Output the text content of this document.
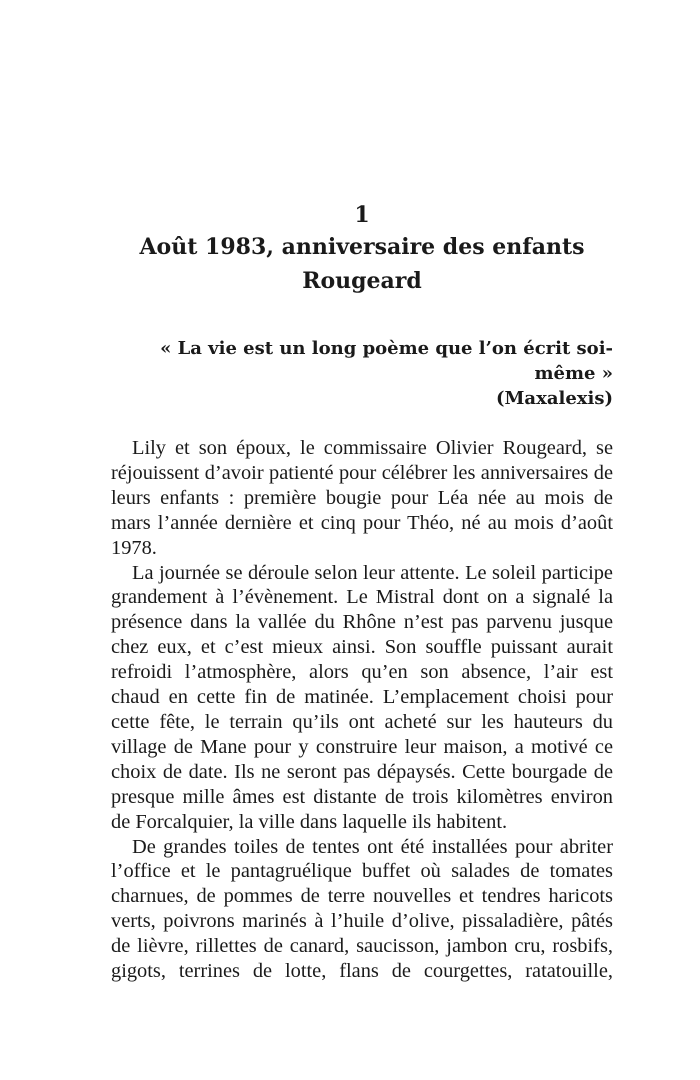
1
Août 1983, anniversaire des enfants Rougeard
« La vie est un long poème que l’on écrit soi-même »
(Maxalexis)

Lily et son époux, le commissaire Olivier Rougeard, se réjouissent d’avoir patienté pour célébrer les anniversaires de leurs enfants : première bougie pour Léa née au mois de mars l’année dernière et cinq pour Théo, né au mois d’août 1978.

La journée se déroule selon leur attente. Le soleil participe grandement à l’évènement. Le Mistral dont on a signalé la présence dans la vallée du Rhône n’est pas parvenu jusque chez eux, et c’est mieux ainsi. Son souffle puissant aurait refroidi l’atmosphère, alors qu’en son absence, l’air est chaud en cette fin de matinée. L’emplacement choisi pour cette fête, le terrain qu’ils ont acheté sur les hauteurs du village de Mane pour y construire leur maison, a motivé ce choix de date. Ils ne seront pas dépaysés. Cette bourgade de presque mille âmes est distante de trois kilomètres environ de Forcalquier, la ville dans laquelle ils habitent.

De grandes toiles de tentes ont été installées pour abriter l’office et le pantagruélique buffet où salades de tomates charnues, de pommes de terre nouvelles et tendres haricots verts, poivrons marinés à l’huile d’olive, pissaladière, pâtés de lièvre, rillettes de canard, saucisson, jambon cru, rosbifs, gigots, terrines de lotte, flans de courgettes, ratatouille,
